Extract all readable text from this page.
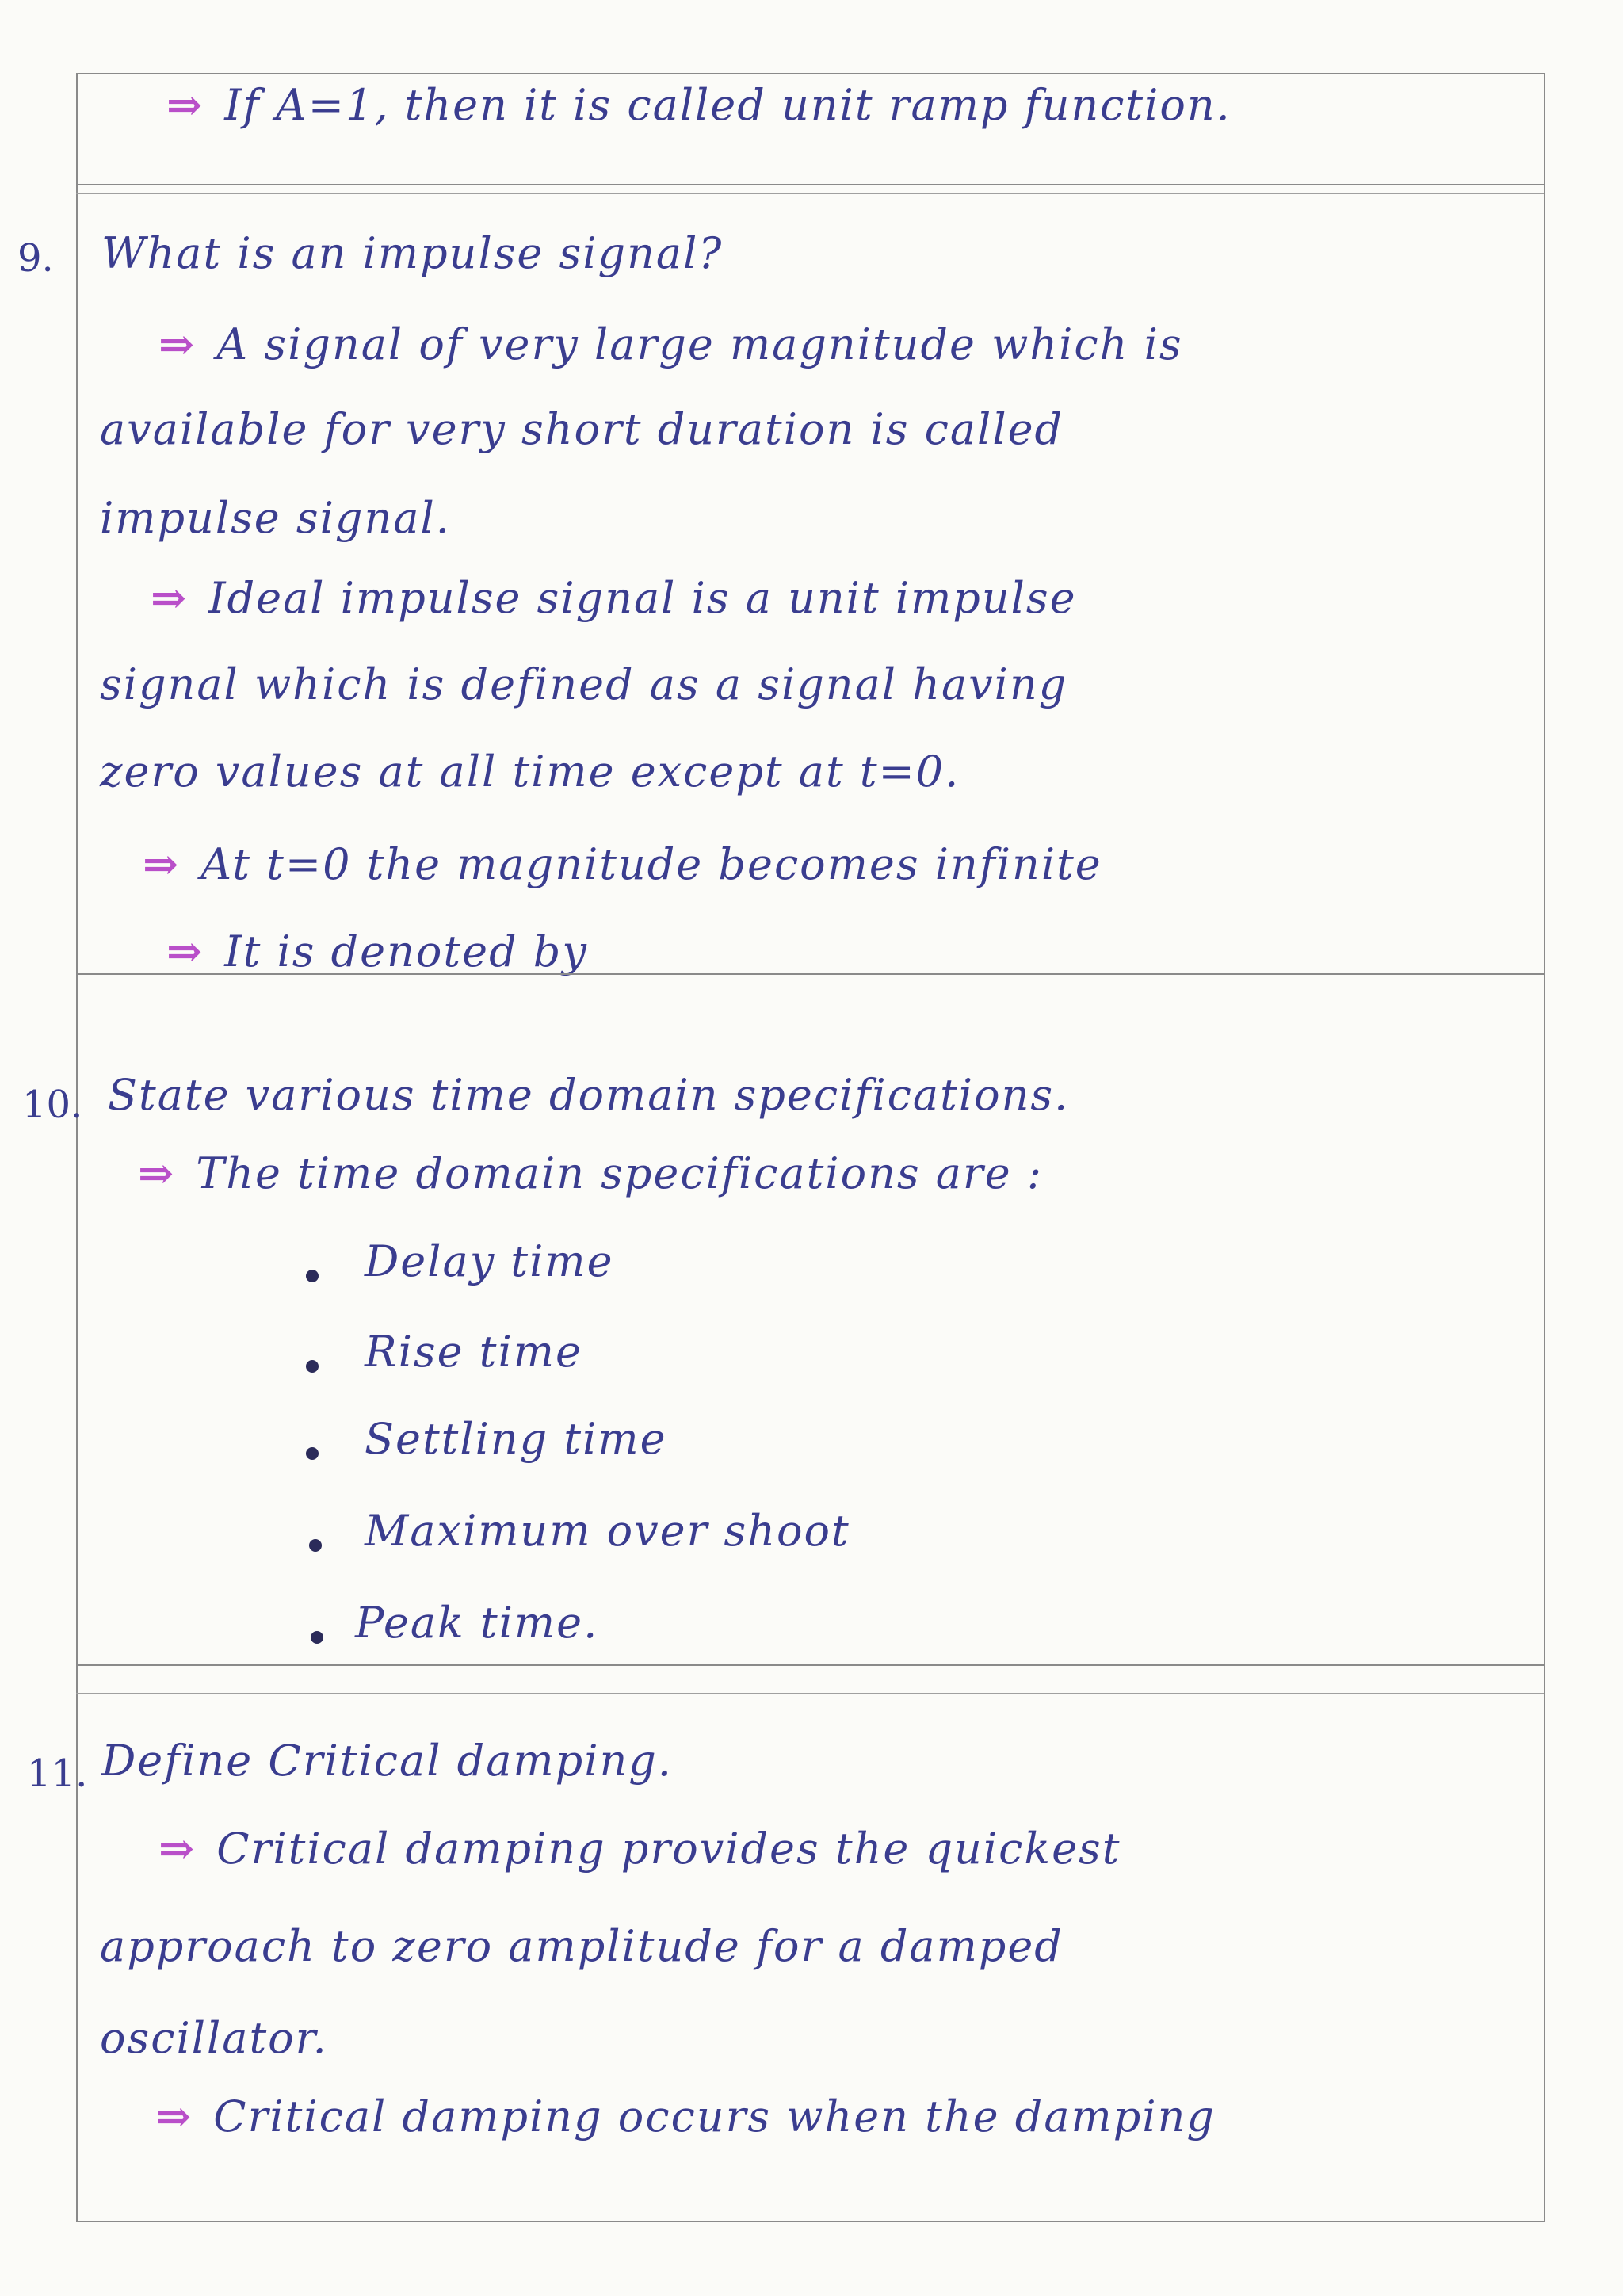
⇒ If A=1, then it is called unit ramp function.
9. What is an impulse signal?
⇒ A signal of very large magnitude which is
available for very short duration is called
impulse signal.
⇒ Ideal impulse signal is a unit impulse
signal which is defined as a signal having
zero values at all time except at t=0.
⇒ At t=0 the magnitude becomes infinite
⇒ It is denoted by
10. State various time domain specifications.
⇒ The time domain specifications are :
Delay time
Rise time
Settling time
Maximum over shoot
Peak time.
11. Define Critical damping.
⇒ Critical damping provides the quickest
approach to zero amplitude for a damped
oscillator.
⇒ Critical damping occurs when the damping
